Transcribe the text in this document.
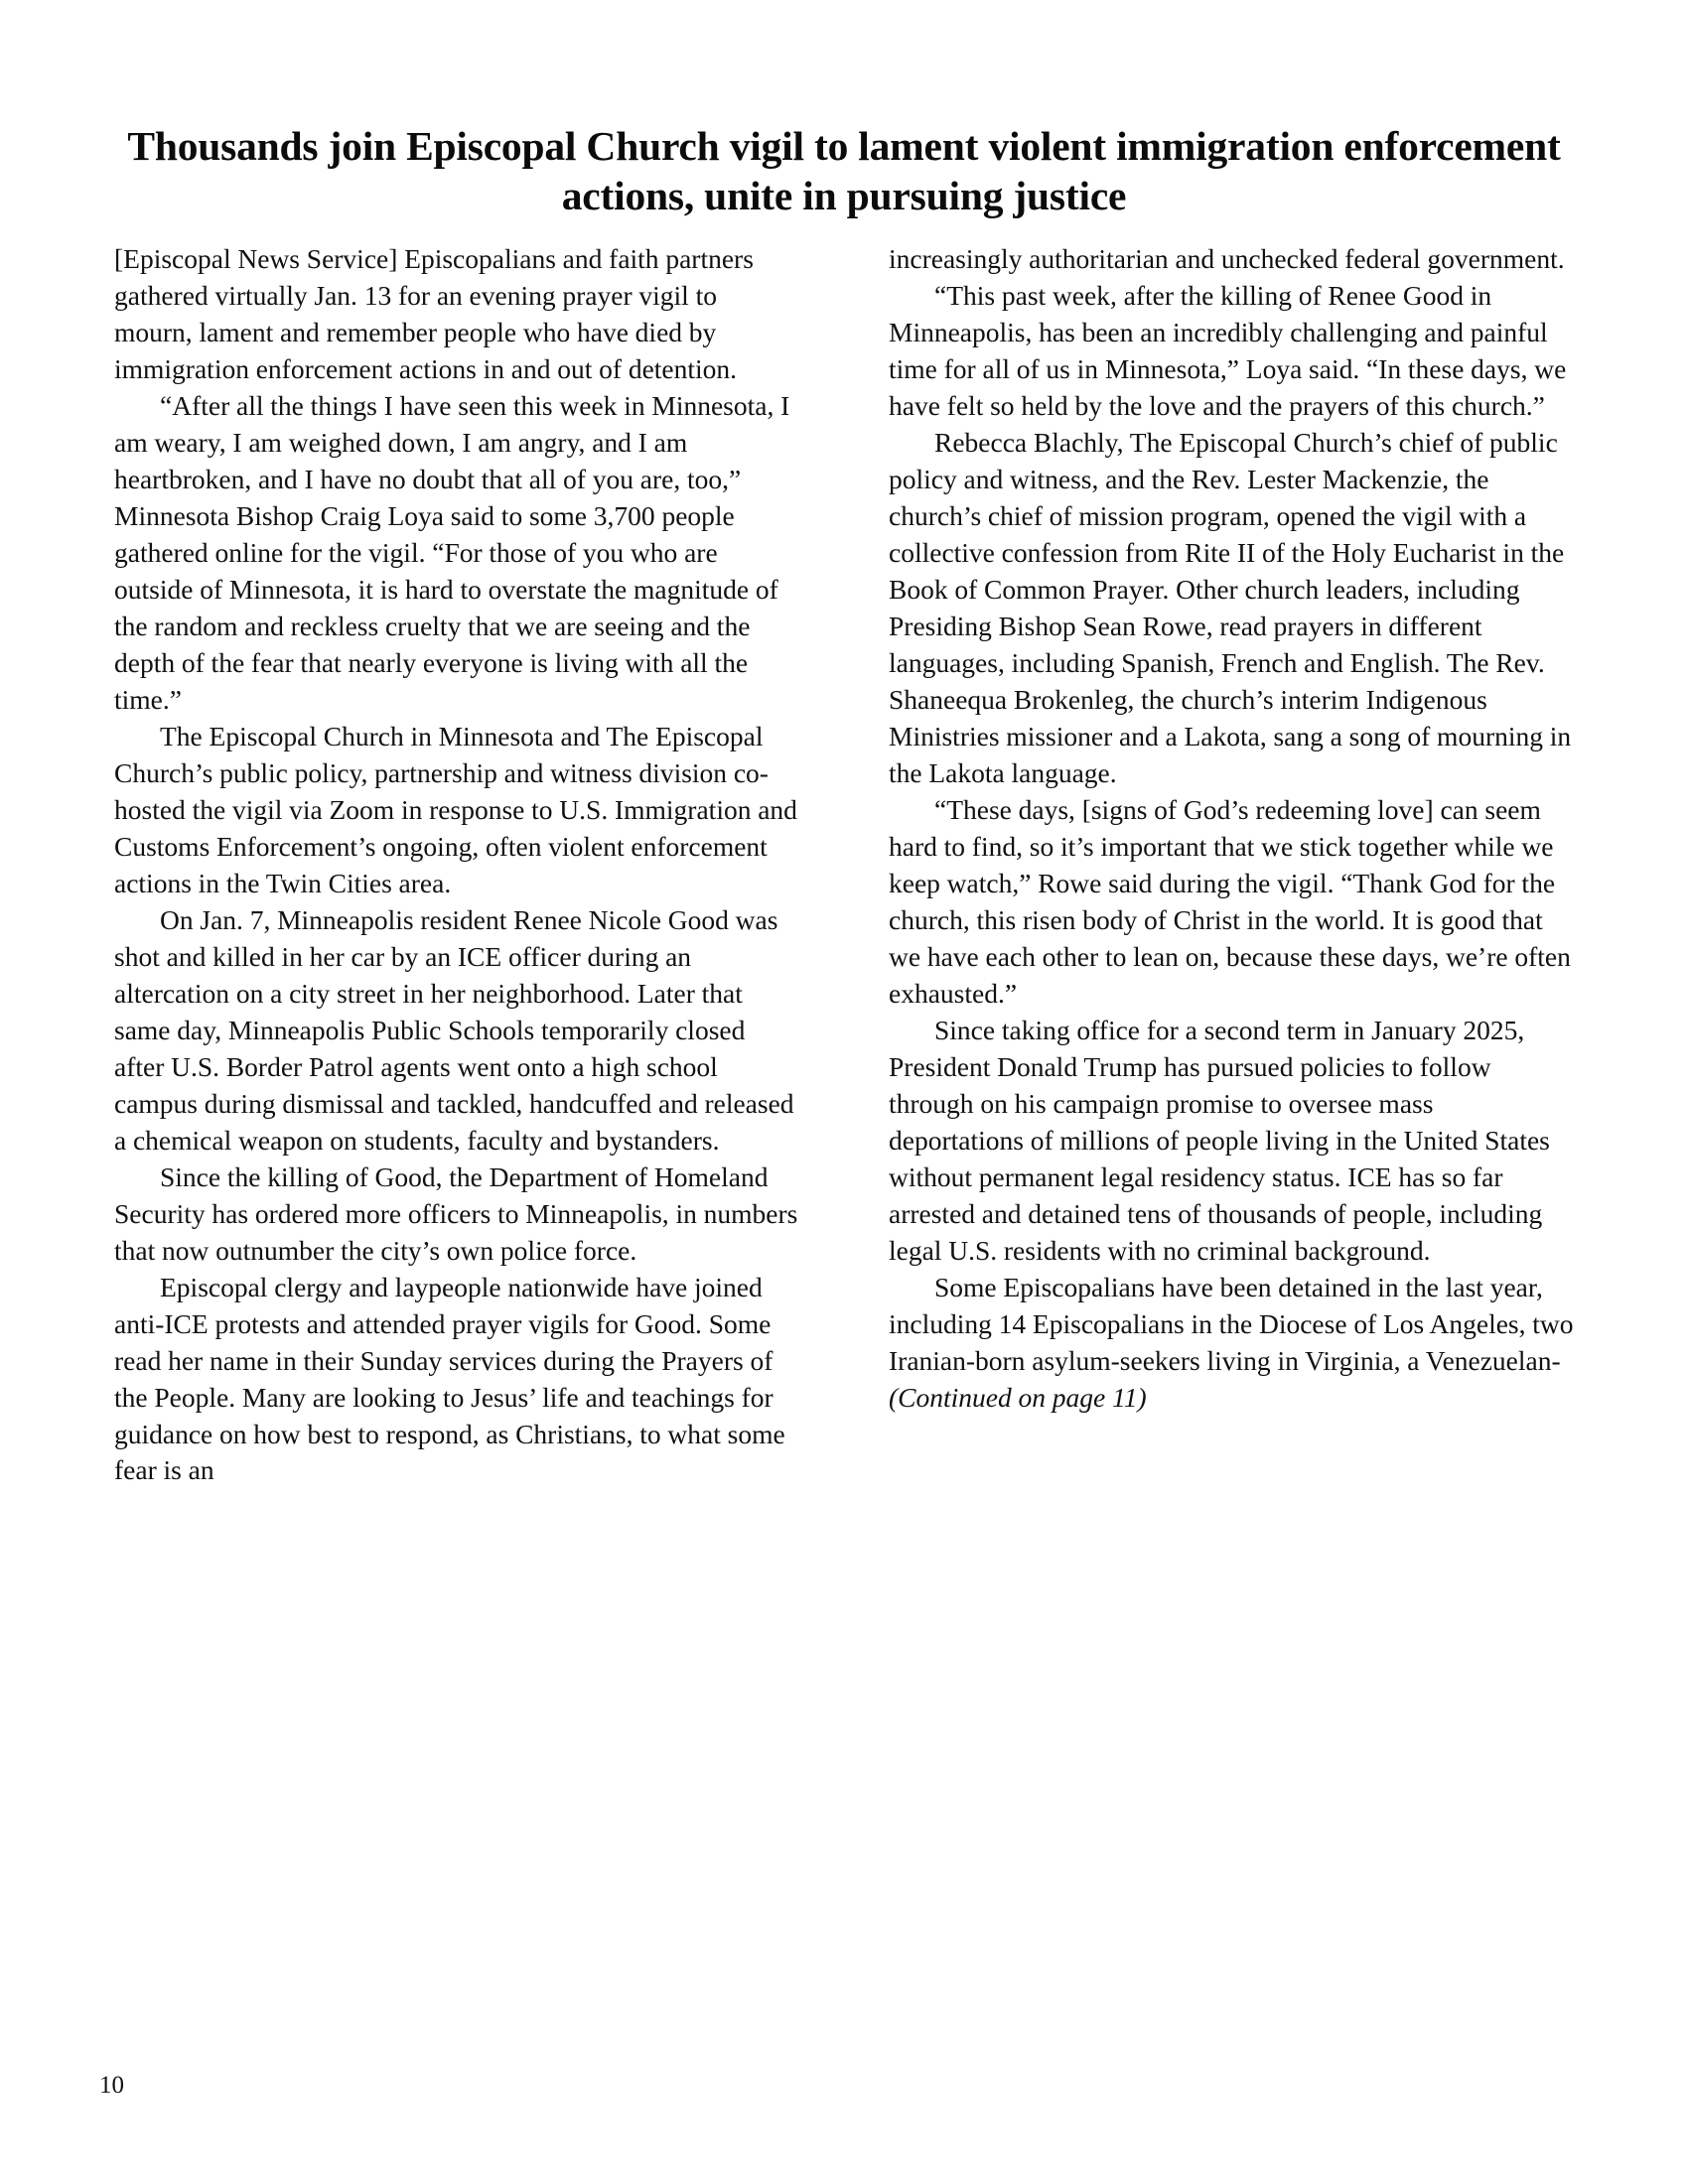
Thousands join Episcopal Church vigil to lament violent immigration enforcement actions, unite in pursuing justice

[Episcopal News Service] Episcopalians and faith partners gathered virtually Jan. 13 for an evening prayer vigil to mourn, lament and remember people who have died by immigration enforcement actions in and out of detention.

“After all the things I have seen this week in Minnesota, I am weary, I am weighed down, I am angry, and I am heartbroken, and I have no doubt that all of you are, too,” Minnesota Bishop Craig Loya said to some 3,700 people gathered online for the vigil. “For those of you who are outside of Minnesota, it is hard to overstate the magnitude of the random and reckless cruelty that we are seeing and the depth of the fear that nearly everyone is living with all the time.”

The Episcopal Church in Minnesota and The Episcopal Church’s public policy, partnership and witness division co-hosted the vigil via Zoom in response to U.S. Immigration and Customs Enforcement’s ongoing, often violent enforcement actions in the Twin Cities area.

On Jan. 7, Minneapolis resident Renee Nicole Good was shot and killed in her car by an ICE officer during an altercation on a city street in her neighborhood. Later that same day, Minneapolis Public Schools temporarily closed after U.S. Border Patrol agents went onto a high school campus during dismissal and tackled, handcuffed and released a chemical weapon on students, faculty and bystanders.

Since the killing of Good, the Department of Homeland Security has ordered more officers to Minneapolis, in numbers that now outnumber the city’s own police force.

Episcopal clergy and laypeople nationwide have joined anti-ICE protests and attended prayer vigils for Good. Some read her name in their Sunday services during the Prayers of the People. Many are looking to Jesus’ life and teachings for guidance on how best to respond, as Christians, to what some fear is an

increasingly authoritarian and unchecked federal government.

“This past week, after the killing of Renee Good in Minneapolis, has been an incredibly challenging and painful time for all of us in Minnesota,” Loya said. “In these days, we have felt so held by the love and the prayers of this church.”

Rebecca Blachly, The Episcopal Church’s chief of public policy and witness, and the Rev. Lester Mackenzie, the church’s chief of mission program, opened the vigil with a collective confession from Rite II of the Holy Eucharist in the Book of Common Prayer. Other church leaders, including Presiding Bishop Sean Rowe, read prayers in different languages, including Spanish, French and English. The Rev. Shaneequa Brokenleg, the church’s interim Indigenous Ministries missioner and a Lakota, sang a song of mourning in the Lakota language.

“These days, [signs of God’s redeeming love] can seem hard to find, so it’s important that we stick together while we keep watch,” Rowe said during the vigil. “Thank God for the church, this risen body of Christ in the world. It is good that we have each other to lean on, because these days, we’re often exhausted.”

Since taking office for a second term in January 2025, President Donald Trump has pursued policies to follow through on his campaign promise to oversee mass deportations of millions of people living in the United States without permanent legal residency status. ICE has so far arrested and detained tens of thousands of people, including legal U.S. residents with no criminal background.

Some Episcopalians have been detained in the last year, including 14 Episcopalians in the Diocese of Los Angeles, two Iranian-born asylum-seekers living in Virginia, a Venezuelan-

(Continued on page 11)

10
